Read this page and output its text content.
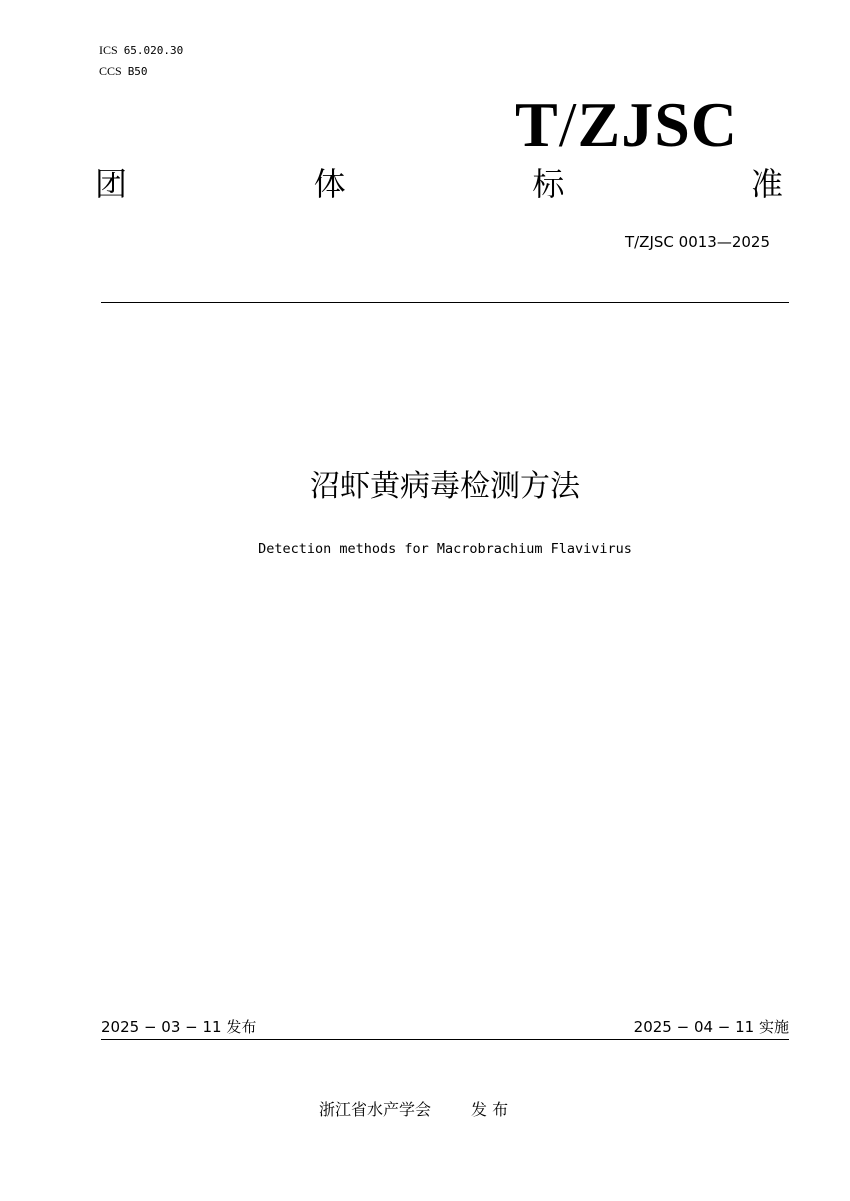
ICS 65.020.30
CCS B50
T/ZJSC
团	体	标	准
T/ZJSC 0013—2025
沼虾黄病毒检测方法
Detection methods for Macrobrachium Flavivirus
2025 − 03 − 11 发布	2025 − 04 − 11 实施
浙江省水产学会	发 布
